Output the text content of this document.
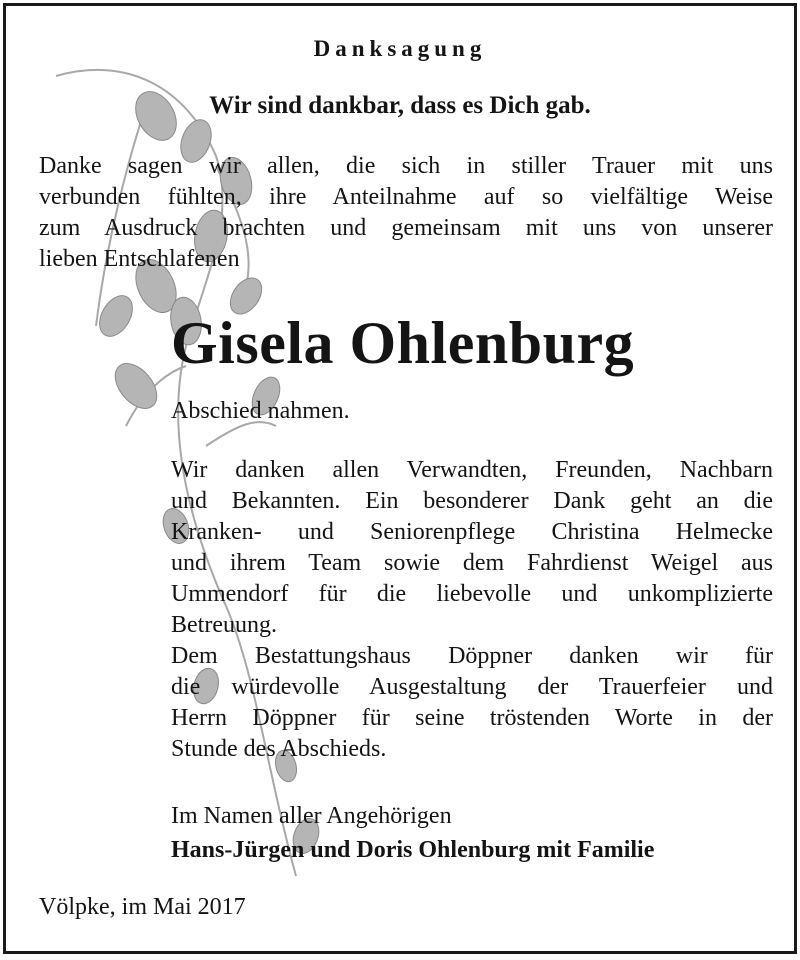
Danksagung
Wir sind dankbar, dass es Dich gab.
Danke sagen wir allen, die sich in stiller Trauer mit uns
verbunden fühlten, ihre Anteilnahme auf so vielfältige Weise
zum Ausdruck brachten und gemeinsam mit uns von unserer
lieben Entschlafenen
Gisela Ohlenburg
Abschied nahmen.
Wir danken allen Verwandten, Freunden, Nachbarn
und Bekannten. Ein besonderer Dank geht an die
Kranken- und Seniorenpflege Christina Helmecke
und ihrem Team sowie dem Fahrdienst Weigel aus
Ummendorf für die liebevolle und unkomplizierte
Betreuung.
Dem Bestattungshaus Döppner danken wir für
die würdevolle Ausgestaltung der Trauerfeier und
Herrn Döppner für seine tröstenden Worte in der
Stunde des Abschieds.
Im Namen aller Angehörigen
Hans-Jürgen und Doris Ohlenburg mit Familie
Völpke, im Mai 2017
